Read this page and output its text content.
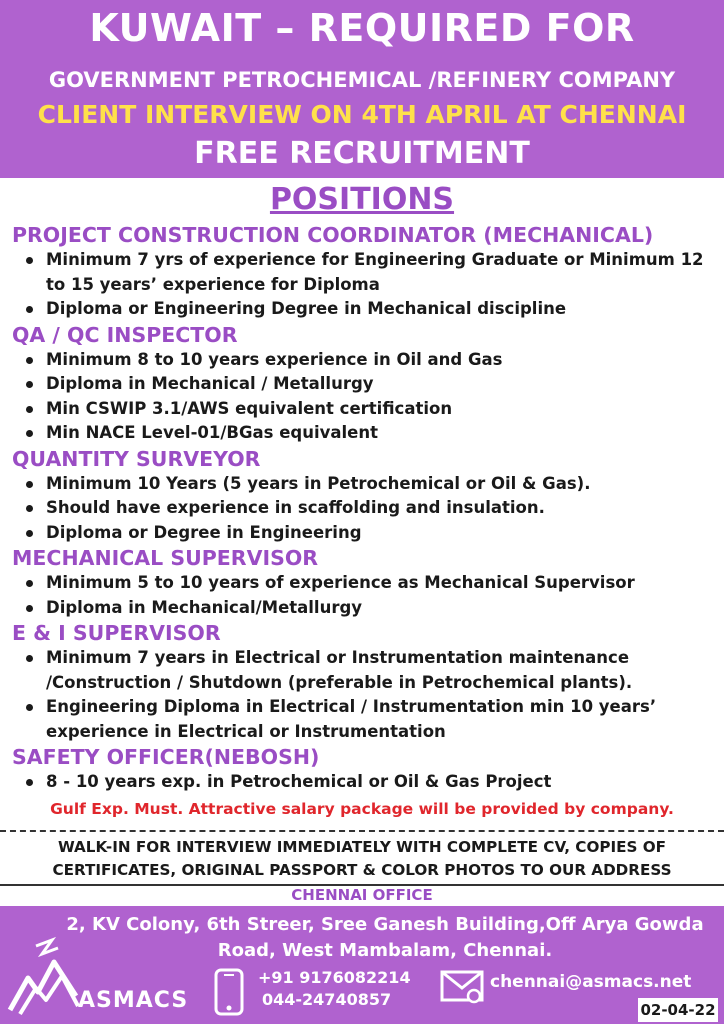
KUWAIT – REQUIRED FOR
GOVERNMENT PETROCHEMICAL /REFINERY COMPANY
CLIENT INTERVIEW ON 4TH APRIL AT CHENNAI
FREE RECRUITMENT
POSITIONS
PROJECT CONSTRUCTION COORDINATOR (MECHANICAL)
Minimum 7 yrs of experience for Engineering Graduate or Minimum 12 to 15 years’ experience for Diploma
Diploma or Engineering Degree in Mechanical discipline
QA / QC INSPECTOR
Minimum 8 to 10 years experience in Oil and Gas
Diploma in Mechanical / Metallurgy
Min CSWIP 3.1/AWS equivalent certification
Min NACE Level-01/BGas equivalent
QUANTITY SURVEYOR
Minimum 10 Years (5 years in Petrochemical or Oil & Gas).
Should have experience in scaffolding and insulation.
Diploma or Degree in Engineering
MECHANICAL SUPERVISOR
Minimum 5 to 10 years of experience as Mechanical Supervisor
Diploma in Mechanical/Metallurgy
E & I SUPERVISOR
Minimum 7 years in Electrical or Instrumentation maintenance /Construction / Shutdown (preferable in Petrochemical plants).
Engineering Diploma in Electrical / Instrumentation min 10 years’ experience in Electrical or Instrumentation
SAFETY OFFICER(NEBOSH)
8 - 10 years exp. in Petrochemical or Oil & Gas Project
Gulf Exp. Must. Attractive salary package will be provided by company.
WALK-IN FOR INTERVIEW IMMEDIATELY WITH COMPLETE CV, COPIES OF CERTIFICATES, ORIGINAL PASSPORT & COLOR PHOTOS TO OUR ADDRESS
CHENNAI OFFICE
2, KV Colony, 6th Streer, Sree Ganesh Building,Off Arya Gowda Road, West Mambalam, Chennai.
ASMACS
+91 9176082214
044-24740857
chennai@asmacs.net
02-04-22
